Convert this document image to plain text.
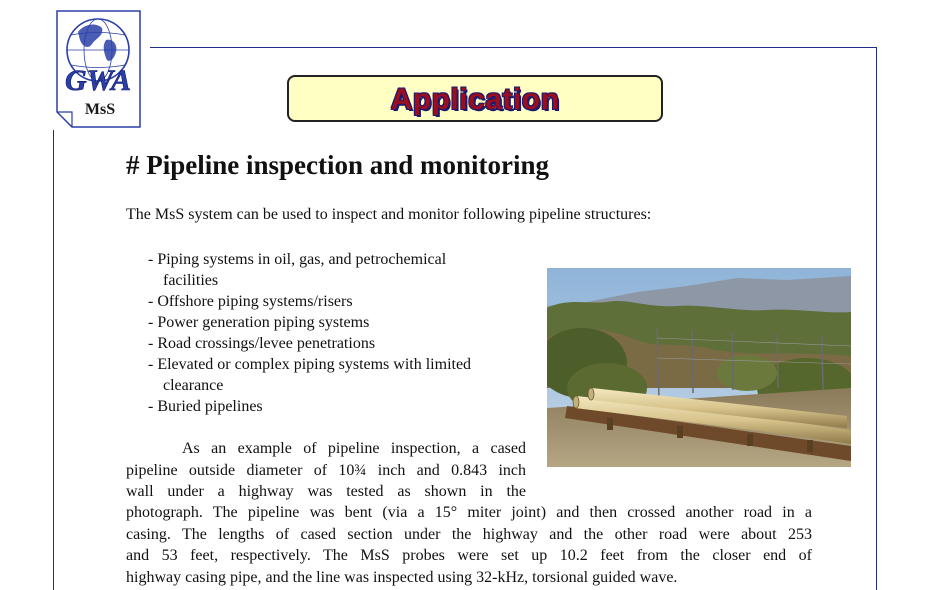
GWA
MsS	Application
# Pipeline inspection and monitoring
The MsS system can be used to inspect and monitor following pipeline structures:
- Piping systems in oil, gas, and petrochemical
facilities
- Offshore piping systems/risers
- Power generation piping systems
- Road crossings/levee penetrations
- Elevated or complex piping systems with limited
clearance
- Buried pipelines
As an example of pipeline inspection, a cased
pipeline outside diameter of 10¾ inch and 0.843 inch
wall under a highway was tested as shown in the
photograph. The pipeline was bent (via a 15° miter joint) and then crossed another road in a
casing. The lengths of cased section under the highway and the other road were about 253
and 53 feet, respectively. The MsS probes were set up 10.2 feet from the closer end of
highway casing pipe, and the line was inspected using 32-kHz, torsional guided wave.
